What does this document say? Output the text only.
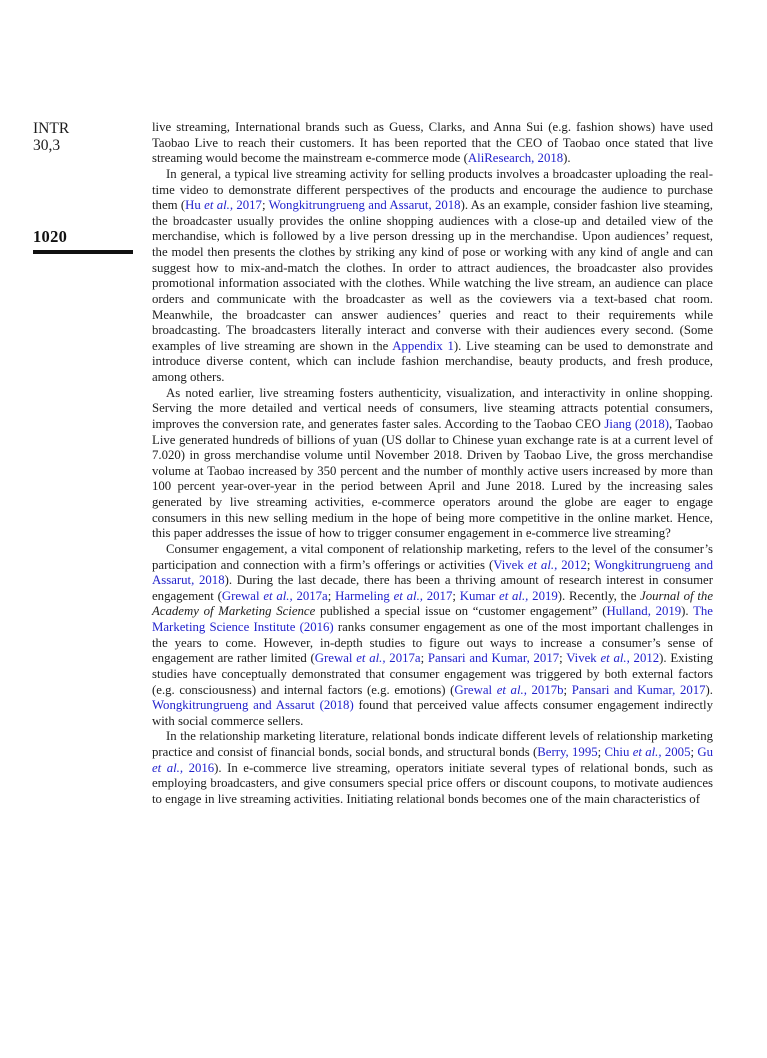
INTR
30,3
1020

live streaming, International brands such as Guess, Clarks, and Anna Sui (e.g. fashion shows) have used Taobao Live to reach their customers. It has been reported that the CEO of Taobao once stated that live streaming would become the mainstream e-commerce mode (AliResearch, 2018).

In general, a typical live streaming activity for selling products involves a broadcaster uploading the real-time video to demonstrate different perspectives of the products and encourage the audience to purchase them (Hu et al., 2017; Wongkitrungrueng and Assarut, 2018). As an example, consider fashion live steaming, the broadcaster usually provides the online shopping audiences with a close-up and detailed view of the merchandise, which is followed by a live person dressing up in the merchandise. Upon audiences’ request, the model then presents the clothes by striking any kind of pose or working with any kind of angle and can suggest how to mix-and-match the clothes. In order to attract audiences, the broadcaster also provides promotional information associated with the clothes. While watching the live stream, an audience can place orders and communicate with the broadcaster as well as the coviewers via a text-based chat room. Meanwhile, the broadcaster can answer audiences’ queries and react to their requirements while broadcasting. The broadcasters literally interact and converse with their audiences every second. (Some examples of live streaming are shown in the Appendix 1). Live steaming can be used to demonstrate and introduce diverse content, which can include fashion merchandise, beauty products, and fresh produce, among others.

As noted earlier, live streaming fosters authenticity, visualization, and interactivity in online shopping. Serving the more detailed and vertical needs of consumers, live steaming attracts potential consumers, improves the conversion rate, and generates faster sales. According to the Taobao CEO Jiang (2018), Taobao Live generated hundreds of billions of yuan (US dollar to Chinese yuan exchange rate is at a current level of 7.020) in gross merchandise volume until November 2018. Driven by Taobao Live, the gross merchandise volume at Taobao increased by 350 percent and the number of monthly active users increased by more than 100 percent year-over-year in the period between April and June 2018. Lured by the increasing sales generated by live streaming activities, e-commerce operators around the globe are eager to engage consumers in this new selling medium in the hope of being more competitive in the online market. Hence, this paper addresses the issue of how to trigger consumer engagement in e-commerce live streaming?

Consumer engagement, a vital component of relationship marketing, refers to the level of the consumer’s participation and connection with a firm’s offerings or activities (Vivek et al., 2012; Wongkitrungrueng and Assarut, 2018). During the last decade, there has been a thriving amount of research interest in consumer engagement (Grewal et al., 2017a; Harmeling et al., 2017; Kumar et al., 2019). Recently, the Journal of the Academy of Marketing Science published a special issue on “customer engagement” (Hulland, 2019). The Marketing Science Institute (2016) ranks consumer engagement as one of the most important challenges in the years to come. However, in-depth studies to figure out ways to increase a consumer’s sense of engagement are rather limited (Grewal et al., 2017a; Pansari and Kumar, 2017; Vivek et al., 2012). Existing studies have conceptually demonstrated that consumer engagement was triggered by both external factors (e.g. consciousness) and internal factors (e.g. emotions) (Grewal et al., 2017b; Pansari and Kumar, 2017). Wongkitrungrueng and Assarut (2018) found that perceived value affects consumer engagement indirectly with social commerce sellers.

In the relationship marketing literature, relational bonds indicate different levels of relationship marketing practice and consist of financial bonds, social bonds, and structural bonds (Berry, 1995; Chiu et al., 2005; Gu et al., 2016). In e-commerce live streaming, operators initiate several types of relational bonds, such as employing broadcasters, and give consumers special price offers or discount coupons, to motivate audiences to engage in live streaming activities. Initiating relational bonds becomes one of the main characteristics of
